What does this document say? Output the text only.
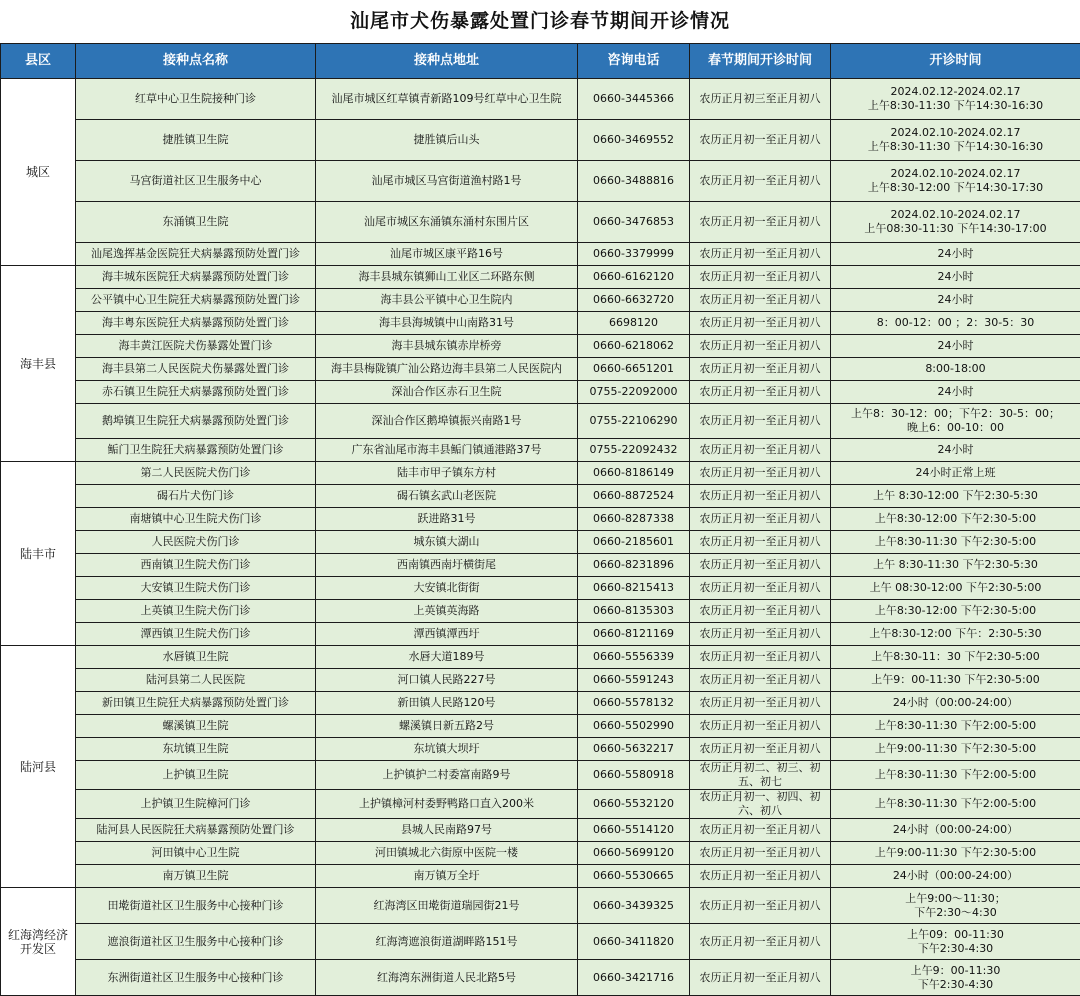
汕尾市犬伤暴露处置门诊春节期间开诊情况
县区	接种点名称	接种点地址	咨询电话	春节期间开诊时间	开诊时间
城区	红草中心卫生院接种门诊	汕尾市城区红草镇青新路109号红草中心卫生院	0660-3445366	农历正月初三至正月初八	2024.02.12-2024.02.17
上午8:30-11:30 下午14:30-16:30

	捷胜镇卫生院	捷胜镇后山头	0660-3469552	农历正月初一至正月初八	2024.02.10-2024.02.17
上午8:30-11:30 下午14:30-16:30

	马宫街道社区卫生服务中心	汕尾市城区马宫街道渔村路1号	0660-3488816	农历正月初一至正月初八	2024.02.10-2024.02.17
上午8:30-12:00 下午14:30-17:30

	东涌镇卫生院	汕尾市城区东涌镇东涌村东围片区	0660-3476853	农历正月初一至正月初八	2024.02.10-2024.02.17
上午08:30-11:30 下午14:30-17:00

	汕尾逸挥基金医院狂犬病暴露预防处置门诊	汕尾市城区康平路16号	0660-3379999	农历正月初一至正月初八	24小时

海丰县	海丰城东医院狂犬病暴露预防处置门诊	海丰县城东镇狮山工业区二环路东侧	0660-6162120	农历正月初一至正月初八	24小时

	公平镇中心卫生院狂犬病暴露预防处置门诊	海丰县公平镇中心卫生院内	0660-6632720	农历正月初一至正月初八	24小时

	海丰粤东医院狂犬病暴露预防处置门诊	海丰县海城镇中山南路31号	6698120	农历正月初一至正月初八	8：00-12：00 ；2：30-5：30

	海丰黄江医院犬伤暴露处置门诊	海丰县城东镇赤岸桥旁	0660-6218062	农历正月初一至正月初八	24小时

	海丰县第二人民医院犬伤暴露处置门诊	海丰县梅陇镇广汕公路边海丰县第二人民医院内	0660-6651201	农历正月初一至正月初八	8:00-18:00

	赤石镇卫生院狂犬病暴露预防处置门诊	深汕合作区赤石卫生院	0755-22092000	农历正月初一至正月初八	24小时

	鹅埠镇卫生院狂犬病暴露预防处置门诊	深汕合作区鹅埠镇振兴南路1号	0755-22106290	农历正月初一至正月初八	上午8：30-12：00；下午2：30-5：00；
晚上6：00-10：00

	鲘门卫生院狂犬病暴露预防处置门诊	广东省汕尾市海丰县鲘门镇通港路37号	0755-22092432	农历正月初一至正月初八	24小时

陆丰市	第二人民医院犬伤门诊	陆丰市甲子镇东方村	0660-8186149	农历正月初一至正月初八	24小时正常上班

	碣石片犬伤门诊	碣石镇玄武山老医院	0660-8872524	农历正月初一至正月初八	上午 8:30-12:00 下午2:30-5:30

	南塘镇中心卫生院犬伤门诊	跃进路31号	0660-8287338	农历正月初一至正月初八	上午8:30-12:00 下午2:30-5:00

	人民医院犬伤门诊	城东镇大湖山	0660-2185601	农历正月初一至正月初八	上午8:30-11:30 下午2:30-5:00

	西南镇卫生院犬伤门诊	西南镇西南圩横街尾	0660-8231896	农历正月初一至正月初八	上午 8:30-11:30 下午2:30-5:30

	大安镇卫生院犬伤门诊	大安镇北街街	0660-8215413	农历正月初一至正月初八	上午 08:30-12:00 下午2:30-5:00

	上英镇卫生院犬伤门诊	上英镇英海路	0660-8135303	农历正月初一至正月初八	上午8:30-12:00 下午2:30-5:00

	潭西镇卫生院犬伤门诊	潭西镇潭西圩	0660-8121169	农历正月初一至正月初八	上午8:30-12:00 下午：2:30-5:30

陆河县	水唇镇卫生院	水唇大道189号	0660-5556339	农历正月初一至正月初八	上午8:30-11：30 下午2:30-5:00

	陆河县第二人民医院	河口镇人民路227号	0660-5591243	农历正月初一至正月初八	上午9：00-11:30 下午2:30-5:00

	新田镇卫生院狂犬病暴露预防处置门诊	新田镇人民路120号	0660-5578132	农历正月初一至正月初八	24小时（00:00-24:00）

	螺溪镇卫生院	螺溪镇日新五路2号	0660-5502990	农历正月初一至正月初八	上午8:30-11:30 下午2:00-5:00

	东坑镇卫生院	东坑镇大坝圩	0660-5632217	农历正月初一至正月初八	上午9:00-11:30 下午2:30-5:00

	上护镇卫生院	上护镇护二村委富南路9号	0660-5580918	农历正月初二、初三、初五、初七	上午8:30-11:30 下午2:00-5:00

	上护镇卫生院樟河门诊	上护镇樟河村委野鸭路口直入200米	0660-5532120	农历正月初一、初四、初六、初八	上午8:30-11:30 下午2:00-5:00

	陆河县人民医院狂犬病暴露预防处置门诊	县城人民南路97号	0660-5514120	农历正月初一至正月初八	24小时（00:00-24:00）

	河田镇中心卫生院	河田镇城北六街原中医院一楼	0660-5699120	农历正月初一至正月初八	上午9:00-11:30 下午2:30-5:00

	南万镇卫生院	南万镇万全圩	0660-5530665	农历正月初一至正月初八	24小时（00:00-24:00）

红海湾经济开发区	田墘街道社区卫生服务中心接种门诊	红海湾区田墘街道瑞园街21号	0660-3439325	农历正月初一至正月初八	上午9:00～11:30；
下午2:30～4:30

	遮浪街道社区卫生服务中心接种门诊	红海湾遮浪街道湖畔路151号	0660-3411820	农历正月初一至正月初八	上午09：00-11:30
下午2:30-4:30

	东洲街道社区卫生服务中心接种门诊	红海湾东洲街道人民北路5号	0660-3421716	农历正月初一至正月初八	上午9：00-11:30
下午2:30-4:30
